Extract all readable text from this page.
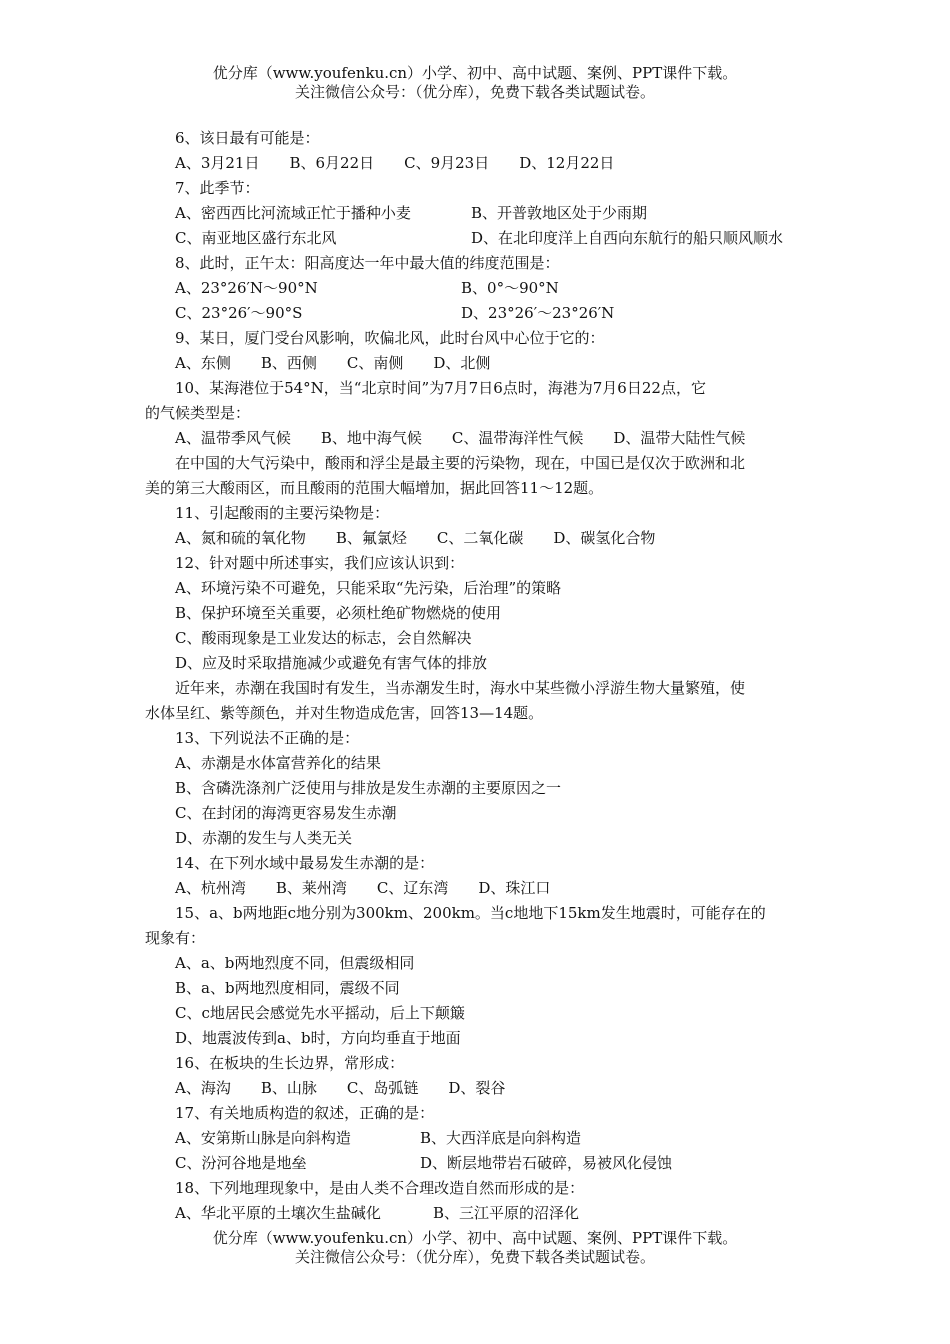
优分库（www.youfenku.cn）小学、初中、高中试题、案例、PPT课件下载。
关注微信公众号：（优分库），免费下载各类试题试卷。
6、该日最有可能是：
A、3月21日　　B、6月22日　　C、9月23日　　D、12月22日
7、此季节：
A、密西西比河流域正忙于播种小麦	B、开普敦地区处于少雨期
C、南亚地区盛行东北风	D、在北印度洋上自西向东航行的船只顺风顺水
8、此时，正午太：阳高度达一年中最大值的纬度范围是：
A、23°26′N～90°N	B、0°～90°N
C、23°26′～90°S	D、23°26′～23°26′N
9、某日，厦门受台风影响，吹偏北风，此时台风中心位于它的：
A、东侧　　B、西侧　　C、南侧　　D、北侧
10、某海港位于54°N，当“北京时间”为7月7日6点时，海港为7月6日22点，它
的气候类型是：
A、温带季风气候　　B、地中海气候　　C、温带海洋性气候　　D、温带大陆性气候
在中国的大气污染中，酸雨和浮尘是最主要的污染物，现在，中国已是仅次于欧洲和北
美的第三大酸雨区，而且酸雨的范围大幅增加，据此回答11～12题。
11、引起酸雨的主要污染物是：
A、氮和硫的氧化物　　B、氟氯烃　　C、二氧化碳　　D、碳氢化合物
12、针对题中所述事实，我们应该认识到：
A、环境污染不可避免，只能采取“先污染，后治理”的策略
B、保护环境至关重要，必须杜绝矿物燃烧的使用
C、酸雨现象是工业发达的标志，会自然解决
D、应及时采取措施减少或避免有害气体的排放
近年来，赤潮在我国时有发生，当赤潮发生时，海水中某些微小浮游生物大量繁殖，使
水体呈红、紫等颜色，并对生物造成危害，回答13—14题。
13、下列说法不正确的是：
A、赤潮是水体富营养化的结果
B、含磷洗涤剂广泛使用与排放是发生赤潮的主要原因之一
C、在封闭的海湾更容易发生赤潮
D、赤潮的发生与人类无关
14、在下列水域中最易发生赤潮的是：
A、杭州湾　　B、莱州湾　　C、辽东湾　　D、珠江口
15、a、b两地距c地分别为300km、200km。当c地地下15km发生地震时，可能存在的
现象有：
A、a、b两地烈度不同，但震级相同
B、a、b两地烈度相同，震级不同
C、c地居民会感觉先水平摇动，后上下颠簸
D、地震波传到a、b时，方向均垂直于地面
16、在板块的生长边界，常形成：
A、海沟　　B、山脉　　C、岛弧链　　D、裂谷
17、有关地质构造的叙述，正确的是：
A、安第斯山脉是向斜构造	B、大西洋底是向斜构造
C、汾河谷地是地垒	D、断层地带岩石破碎，易被风化侵蚀
18、下列地理现象中，是由人类不合理改造自然而形成的是：
A、华北平原的土壤次生盐碱化	B、三江平原的沼泽化
优分库（www.youfenku.cn）小学、初中、高中试题、案例、PPT课件下载。
关注微信公众号：（优分库），免费下载各类试题试卷。
